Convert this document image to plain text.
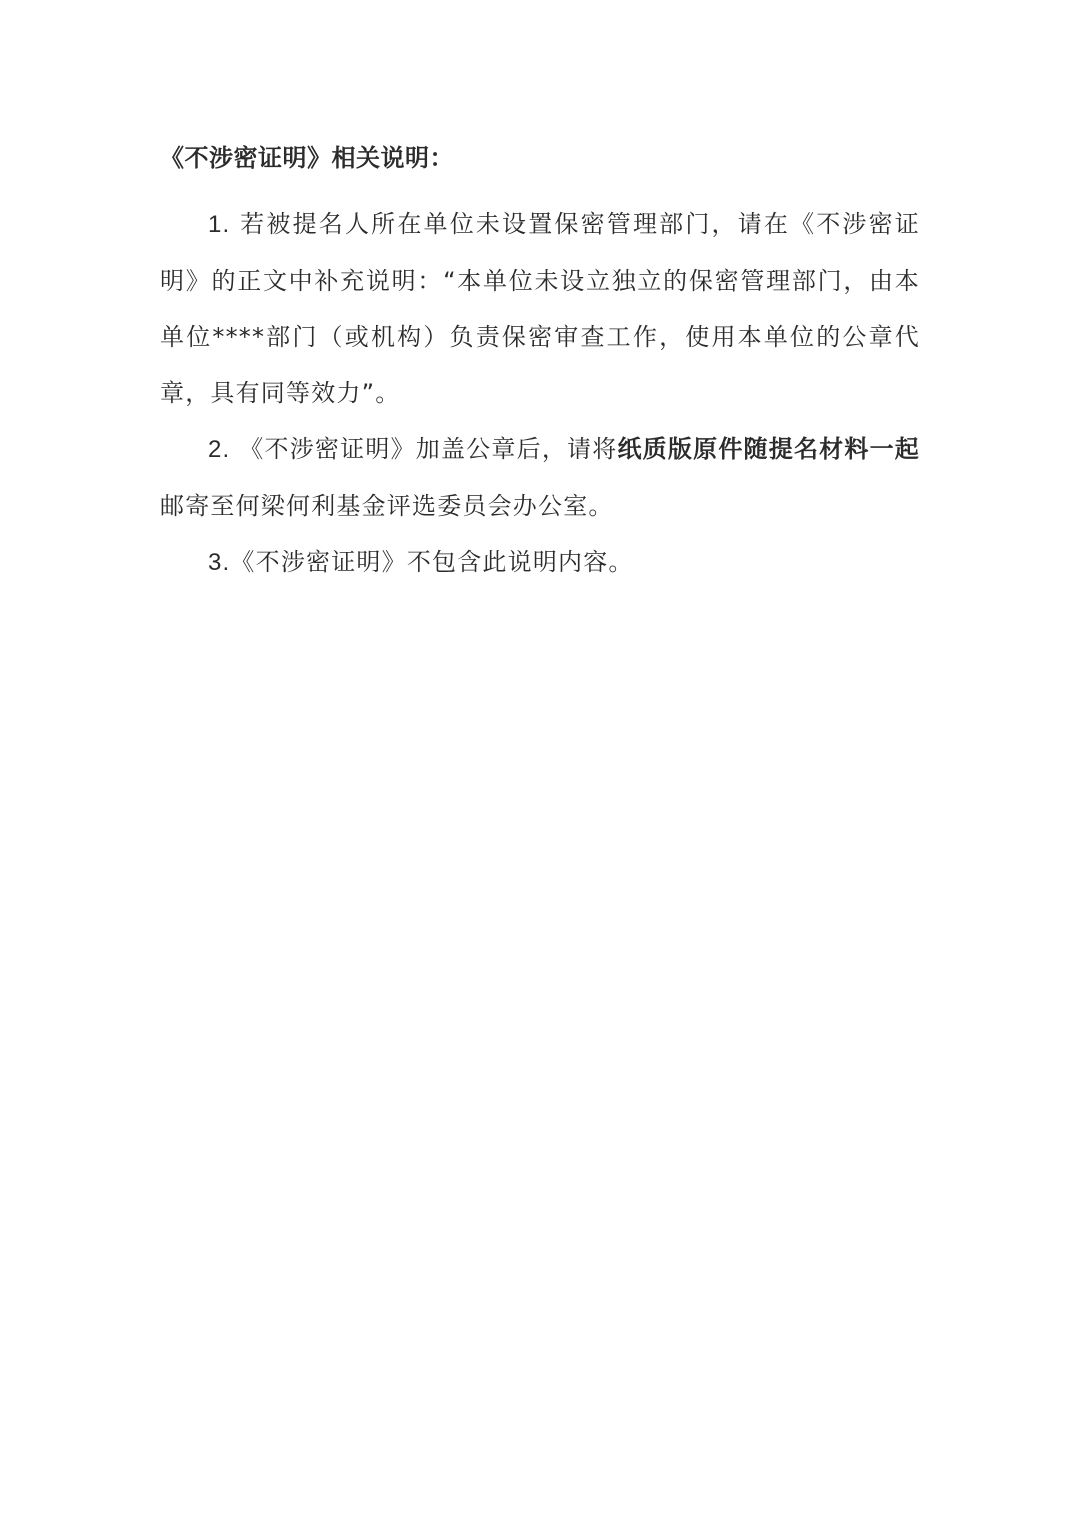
《不涉密证明》相关说明：

1. 若被提名人所在单位未设置保密管理部门，请在《不涉密证明》的正文中补充说明：“本单位未设立独立的保密管理部门，由本单位****部门（或机构）负责保密审查工作，使用本单位的公章代章，具有同等效力”。

2. 《不涉密证明》加盖公章后，请将纸质版原件随提名材料一起邮寄至何梁何利基金评选委员会办公室。

3.《不涉密证明》不包含此说明内容。
